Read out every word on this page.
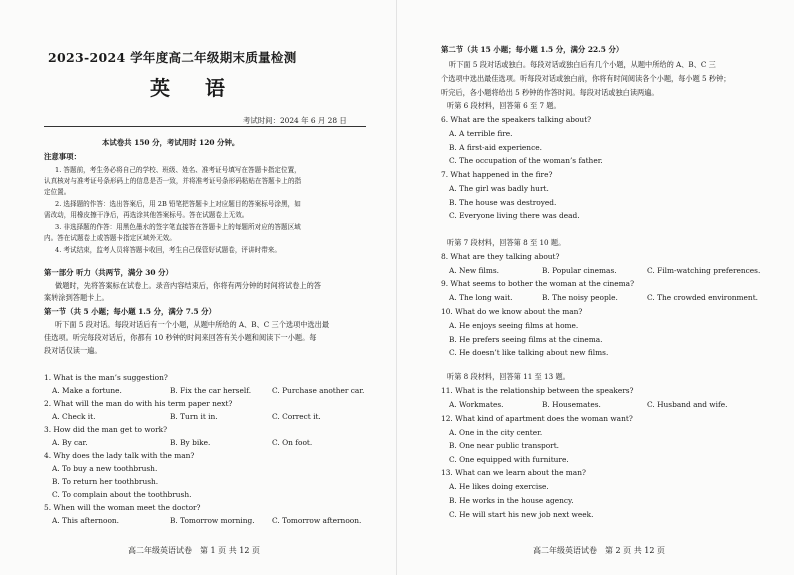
2023-2024 学年度高二年级期末质量检测
英 语
考试时间：2024 年 6 月 28 日
本试卷共 150 分，考试用时 120 分钟。
注意事项：
1. 答题前，考生务必将自己的学校、班级、姓名、准考证号填写在答题卡指定位置，
认真核对与准考证号条形码上的信息是否一致，并将准考证号条形码粘贴在答题卡上的指
定位置。
2. 选择题的作答：选出答案后，用 2B 铅笔把答题卡上对应题目的答案标号涂黑，如
需改动，用橡皮擦干净后，再选涂其他答案标号。答在试题卷上无效。
3. 非选择题的作答：用黑色墨水的签字笔直接答在答题卡上的每题所对应的答题区域
内。答在试题卷上或答题卡指定区域外无效。
4. 考试结束，监考人员将答题卡收回，考生自己保管好试题卷，评讲时带来。
第一部分 听力（共两节，满分 30 分）
做题时，先将答案标在试卷上。录音内容结束后，你将有两分钟的时间将试卷上的答
案转涂到答题卡上。
第一节（共 5 小题；每小题 1.5 分，满分 7.5 分）
听下面 5 段对话。每段对话后有一个小题，从题中所给的 A、B、C 三个选项中选出最
佳选项。听完每段对话后，你都有 10 秒钟的时间来回答有关小题和阅读下一小题。每
段对话仅读一遍。
1. What is the man’s suggestion?
A. Make a fortune.	B. Fix the car herself.	C. Purchase another car.
2. What will the man do with his term paper next?
A. Check it.	B. Turn it in.	C. Correct it.
3. How did the man get to work?
A. By car.	B. By bike.	C. On foot.
4. Why does the lady talk with the man?
A. To buy a new toothbrush.
B. To return her toothbrush.
C. To complain about the toothbrush.
5. When will the woman meet the doctor?
A. This afternoon.	B. Tomorrow morning. C. Tomorrow afternoon.
高二年级英语试卷　第 1 页 共 12 页
第二节（共 15 小题；每小题 1.5 分，满分 22.5 分）
听下面 5 段对话或独白。每段对话或独白后有几个小题，从题中所给的 A、B、C 三
个选项中选出最佳选项。听每段对话或独白前，你将有时间阅读各个小题，每小题 5 秒钟；
听完后，各小题将给出 5 秒钟的作答时间。每段对话或独白读两遍。
听第 6 段材料，回答第 6 至 7 题。
6. What are the speakers talking about?
A. A terrible fire.
B. A first-aid experience.
C. The occupation of the woman’s father.
7. What happened in the fire?
A. The girl was badly hurt.
B. The house was destroyed.
C. Everyone living there was dead.
听第 7 段材料，回答第 8 至 10 题。
8. What are they talking about?
A. New films.	B. Popular cinemas.	C. Film-watching preferences.
9. What seems to bother the woman at the cinema?
A. The long wait.	B. The noisy people.	C. The crowded environment.
10. What do we know about the man?
A. He enjoys seeing films at home.
B. He prefers seeing films at the cinema.
C. He doesn’t like talking about new films.
听第 8 段材料，回答第 11 至 13 题。
11. What is the relationship between the speakers?
A. Workmates.	B. Housemates.	C. Husband and wife.
12. What kind of apartment does the woman want?
A. One in the city center.
B. One near public transport.
C. One equipped with furniture.
13. What can we learn about the man?
A. He likes doing exercise.
B. He works in the house agency.
C. He will start his new job next week.
高二年级英语试卷　第 2 页 共 12 页
